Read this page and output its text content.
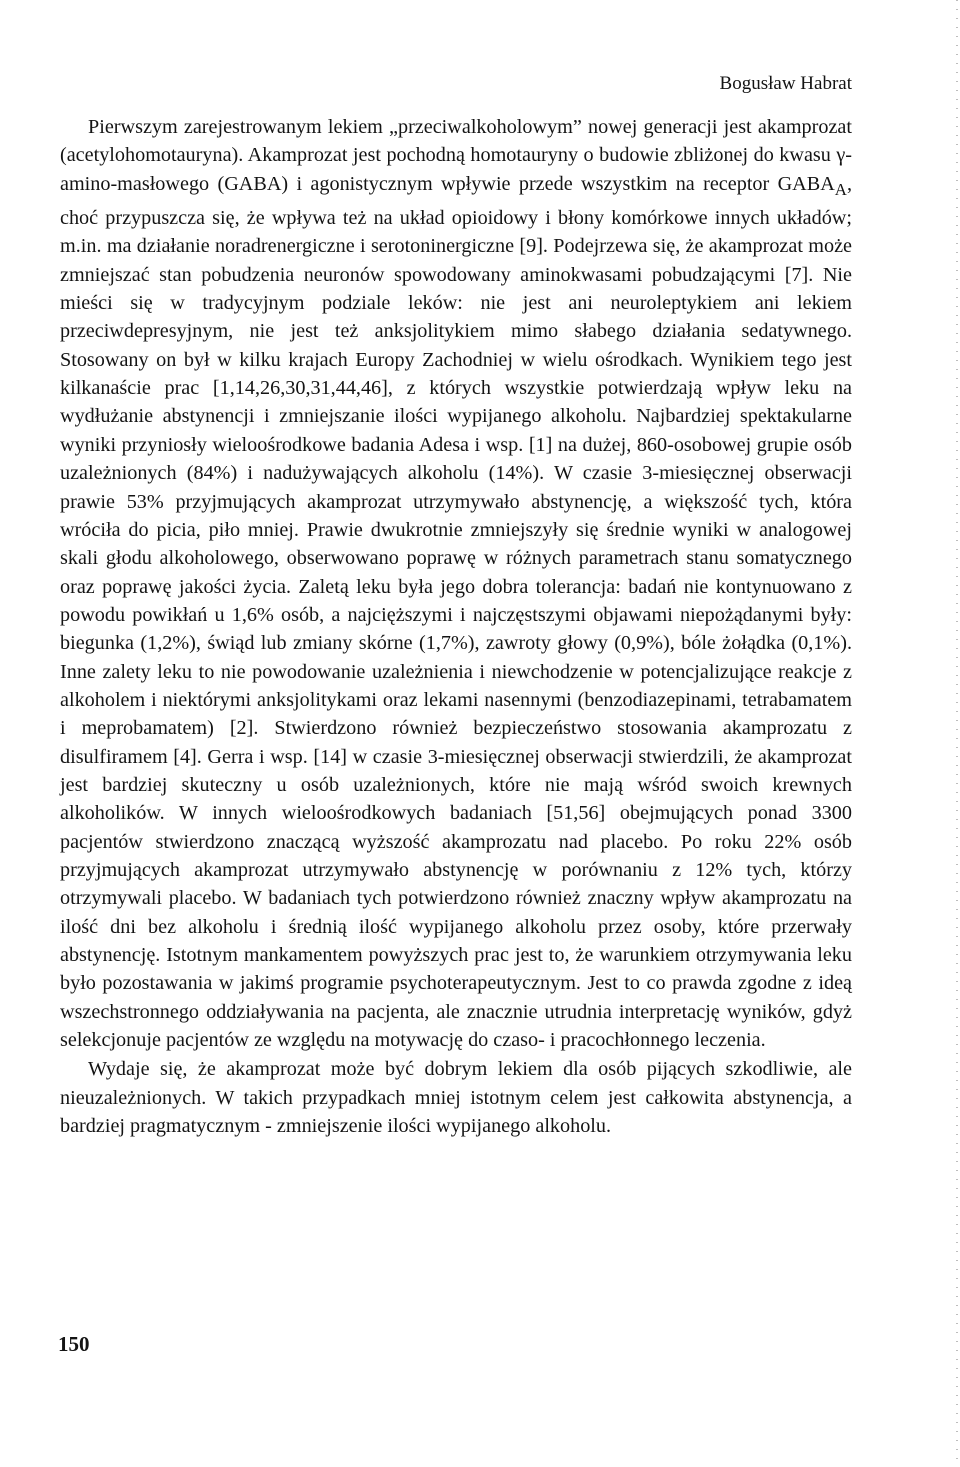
Bogusław Habrat

Pierwszym zarejestrowanym lekiem „przeciwalkoholowym” nowej generacji jest akamprozat (acetylohomotauryna). Akamprozat jest pochodną homotauryny o budowie zbliżonej do kwasu γ-amino-masłowego (GABA) i agonistycznym wpływie przede wszystkim na receptor $GABA_A$, choć przypuszcza się, że wpływa też na układ opioidowy i błony komórkowe innych układów; m.in. ma działanie noradrenergiczne i serotoninergiczne [9]. Podejrzewa się, że akamprozat może zmniejszać stan pobudzenia neuronów spowodowany aminokwasami pobudzającymi [7]. Nie mieści się w tradycyjnym podziale leków: nie jest ani neuroleptykiem ani lekiem przeciwdepresyjnym, nie jest też anksjolitykiem mimo słabego działania sedatywnego. Stosowany on był w kilku krajach Europy Zachodniej w wielu ośrodkach. Wynikiem tego jest kilkanaście prac [1,14,26,30,31,44,46], z których wszystkie potwierdzają wpływ leku na wydłużanie abstynencji i zmniejszanie ilości wypijanego alkoholu. Najbardziej spektakularne wyniki przyniosły wieloośrodkowe badania Adesa i wsp. [1] na dużej, 860-osobowej grupie osób uzależnionych (84%) i nadużywających alkoholu (14%). W czasie 3-miesięcznej obserwacji prawie 53% przyjmujących akamprozat utrzymywało abstynencję, a większość tych, która wróciła do picia, piło mniej. Prawie dwukrotnie zmniejszyły się średnie wyniki w analogowej skali głodu alkoholowego, obserwowano poprawę w różnych parametrach stanu somatycznego oraz poprawę jakości życia. Zaletą leku była jego dobra tolerancja: badań nie kontynuowano z powodu powikłań u 1,6% osób, a najcięższymi i najczęstszymi objawami niepożądanymi były: biegunka (1,2%), świąd lub zmiany skórne (1,7%), zawroty głowy (0,9%), bóle żołądka (0,1%). Inne zalety leku to nie powodowanie uzależnienia i niewchodzenie w potencjalizujące reakcje z alkoholem i niektórymi anksjolitykami oraz lekami nasennymi (benzodiazepinami, tetrabamatem i meprobamatem) [2]. Stwierdzono również bezpieczeństwo stosowania akamprozatu z disulfiramem [4]. Gerra i wsp. [14] w czasie 3-miesięcznej obserwacji stwierdzili, że akamprozat jest bardziej skuteczny u osób uzależnionych, które nie mają wśród swoich krewnych alkoholików. W innych wieloośrodkowych badaniach [51,56] obejmujących ponad 3300 pacjentów stwierdzono znaczącą wyższość akamprozatu nad placebo. Po roku 22% osób przyjmujących akamprozat utrzymywało abstynencję w porównaniu z 12% tych, którzy otrzymywali placebo. W badaniach tych potwierdzono również znaczny wpływ akamprozatu na ilość dni bez alkoholu i średnią ilość wypijanego alkoholu przez osoby, które przerwały abstynencję. Istotnym mankamentem powyższych prac jest to, że warunkiem otrzymywania leku było pozostawania w jakimś programie psychoterapeutycznym. Jest to co prawda zgodne z ideą wszechstronnego oddziaływania na pacjenta, ale znacznie utrudnia interpretację wyników, gdyż selekcjonuje pacjentów ze względu na motywację do czaso- i pracochłonnego leczenia.

Wydaje się, że akamprozat może być dobrym lekiem dla osób pijących szkodliwie, ale nieuzależnionych. W takich przypadkach mniej istotnym celem jest całkowita abstynencja, a bardziej pragmatycznym - zmniejszenie ilości wypijanego alkoholu.

150
